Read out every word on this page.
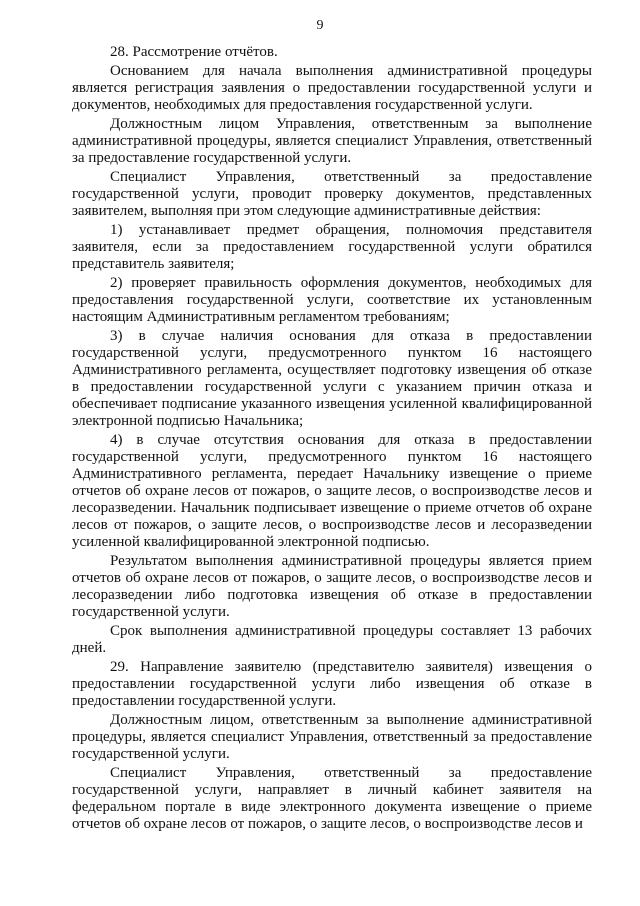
9

28. Рассмотрение отчётов.

Основанием для начала выполнения административной процедуры является регистрация заявления о предоставлении государственной услуги и документов, необходимых для предоставления государственной услуги.

Должностным лицом Управления, ответственным за выполнение административной процедуры, является специалист Управления, ответственный за предоставление государственной услуги.

Специалист Управления, ответственный за предоставление государственной услуги, проводит проверку документов, представленных заявителем, выполняя при этом следующие административные действия:

1) устанавливает предмет обращения, полномочия представителя заявителя, если за предоставлением государственной услуги обратился представитель заявителя;

2) проверяет правильность оформления документов, необходимых для предоставления государственной услуги, соответствие их установленным настоящим Административным регламентом требованиям;

3) в случае наличия основания для отказа в предоставлении государственной услуги, предусмотренного пунктом 16 настоящего Административного регламента, осуществляет подготовку извещения об отказе в предоставлении государственной услуги с указанием причин отказа и обеспечивает подписание указанного извещения усиленной квалифицированной электронной подписью Начальника;

4) в случае отсутствия основания для отказа в предоставлении государственной услуги, предусмотренного пунктом 16 настоящего Административного регламента, передает Начальнику извещение о приеме отчетов об охране лесов от пожаров, о защите лесов, о воспроизводстве лесов и лесоразведении. Начальник подписывает извещение о приеме отчетов об охране лесов от пожаров, о защите лесов, о воспроизводстве лесов и лесоразведении усиленной квалифицированной электронной подписью.

Результатом выполнения административной процедуры является прием отчетов об охране лесов от пожаров, о защите лесов, о воспроизводстве лесов и лесоразведении либо подготовка извещения об отказе в предоставлении государственной услуги.

Срок выполнения административной процедуры составляет 13 рабочих дней.

29. Направление заявителю (представителю заявителя) извещения о предоставлении государственной услуги либо извещения об отказе в предоставлении государственной услуги.

Должностным лицом, ответственным за выполнение административной процедуры, является специалист Управления, ответственный за предоставление государственной услуги.

Специалист Управления, ответственный за предоставление государственной услуги, направляет в личный кабинет заявителя на федеральном портале в виде электронного документа извещение о приеме отчетов об охране лесов от пожаров, о защите лесов, о воспроизводстве лесов и
